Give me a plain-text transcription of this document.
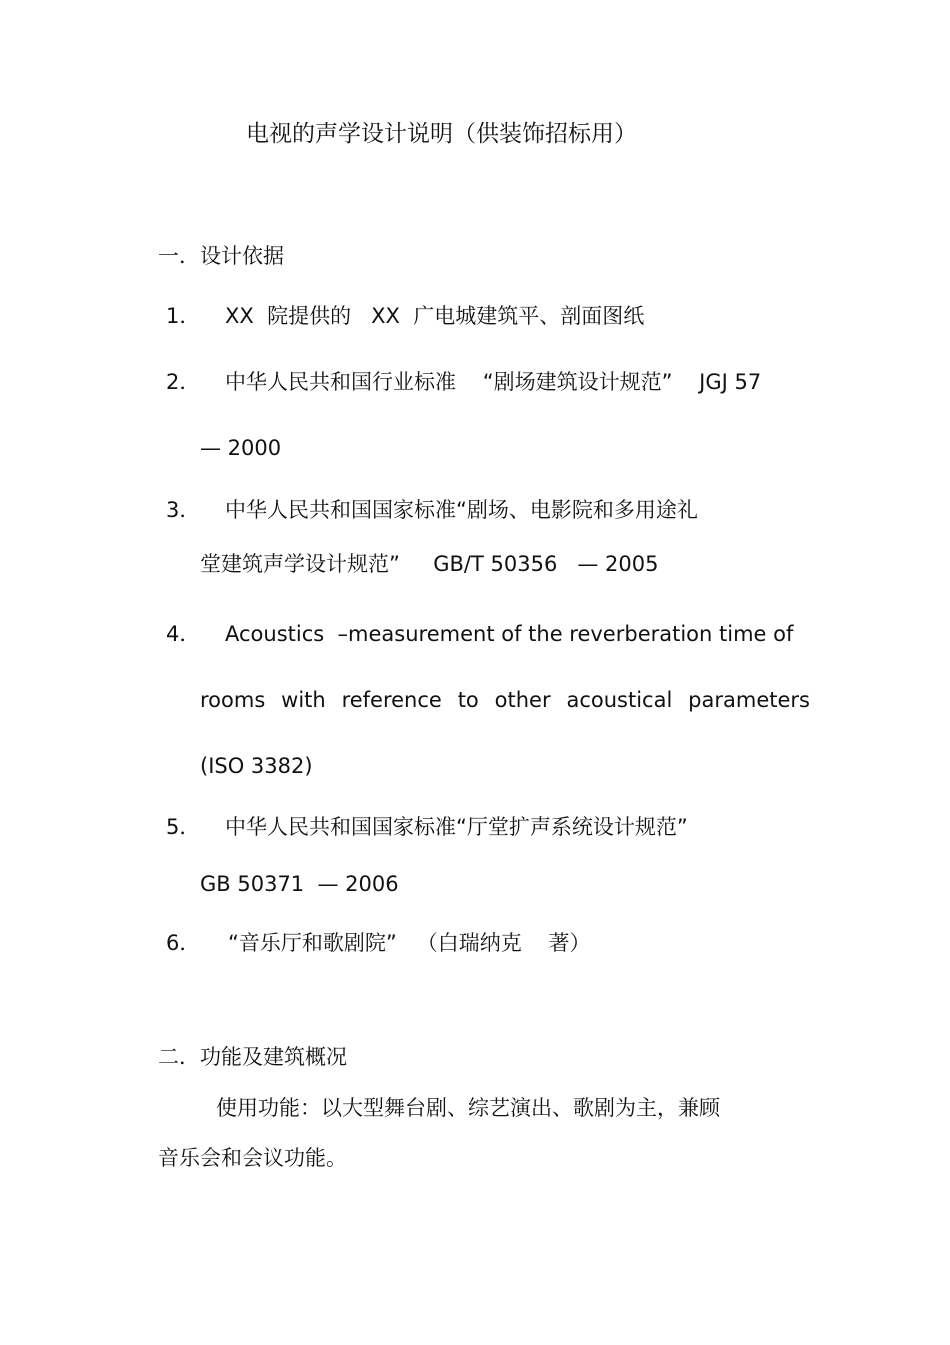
电视的声学设计说明（供装饰招标用）
一．设计依据
1． XX  院提供的   XX  广电城建筑平、剖面图纸
2． 中华人民共和国行业标准    “剧场建筑设计规范”    JGJ 57
— 2000
3． 中华人民共和国国家标准“剧场、电影院和多用途礼
堂建筑声学设计规范”     GB/T 50356   — 2005
4． Acoustics  –measurement of the reverberation time of
rooms with reference to other acoustical parameters
(ISO 3382)
5． 中华人民共和国国家标准“厅堂扩声系统设计规范”
GB 50371  — 2006
6． “音乐厅和歌剧院”   （白瑞纳克    著）
二．功能及建筑概况
使用功能：以大型舞台剧、综艺演出、歌剧为主，兼顾
音乐会和会议功能。
